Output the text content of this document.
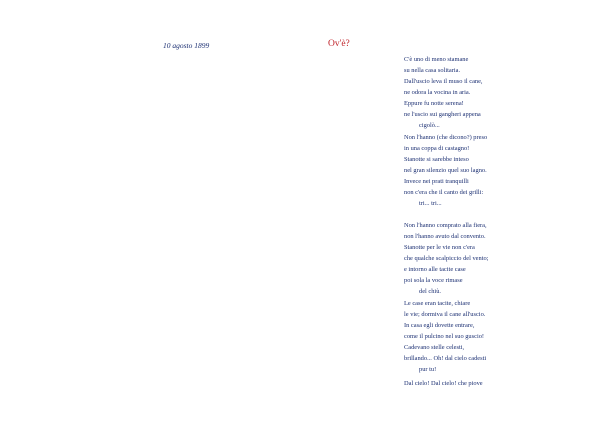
10 agosto 1899	Ov'è?
C'è uno di meno stamane
su nella casa solitaria.
Dall'uscio leva il muso il cane,
ne odora la vocina in aria.
Eppure fu notte serena!
ne l'uscio sui gangheri appena
cigolò...
Non l'hanno (che dicono?) preso
in una coppa di castagno!
Stanotte si sarebbe inteso
nel gran silenzio quel suo lagno.
Invece nei prati tranquilli
non c'era che il canto dei grilli:
tri... tri...
Non l'hanno comprato alla fiera,
non l'hanno avuto dal convento.
Stanotte per le vie non c'era
che qualche scalpiccio del vento;
e intorno alle tacite case
poi sola la voce rimase
del chiù.
Le case eran tacite, chiare
le vie; dormiva il cane all'uscio.
In casa egli dovette entrare,
come il pulcino nel suo guscio!
Cadevano stelle celesti,
brillando... Oh! dal cielo cadesti
pur tu!
Dal cielo! Dal cielo! che piove
